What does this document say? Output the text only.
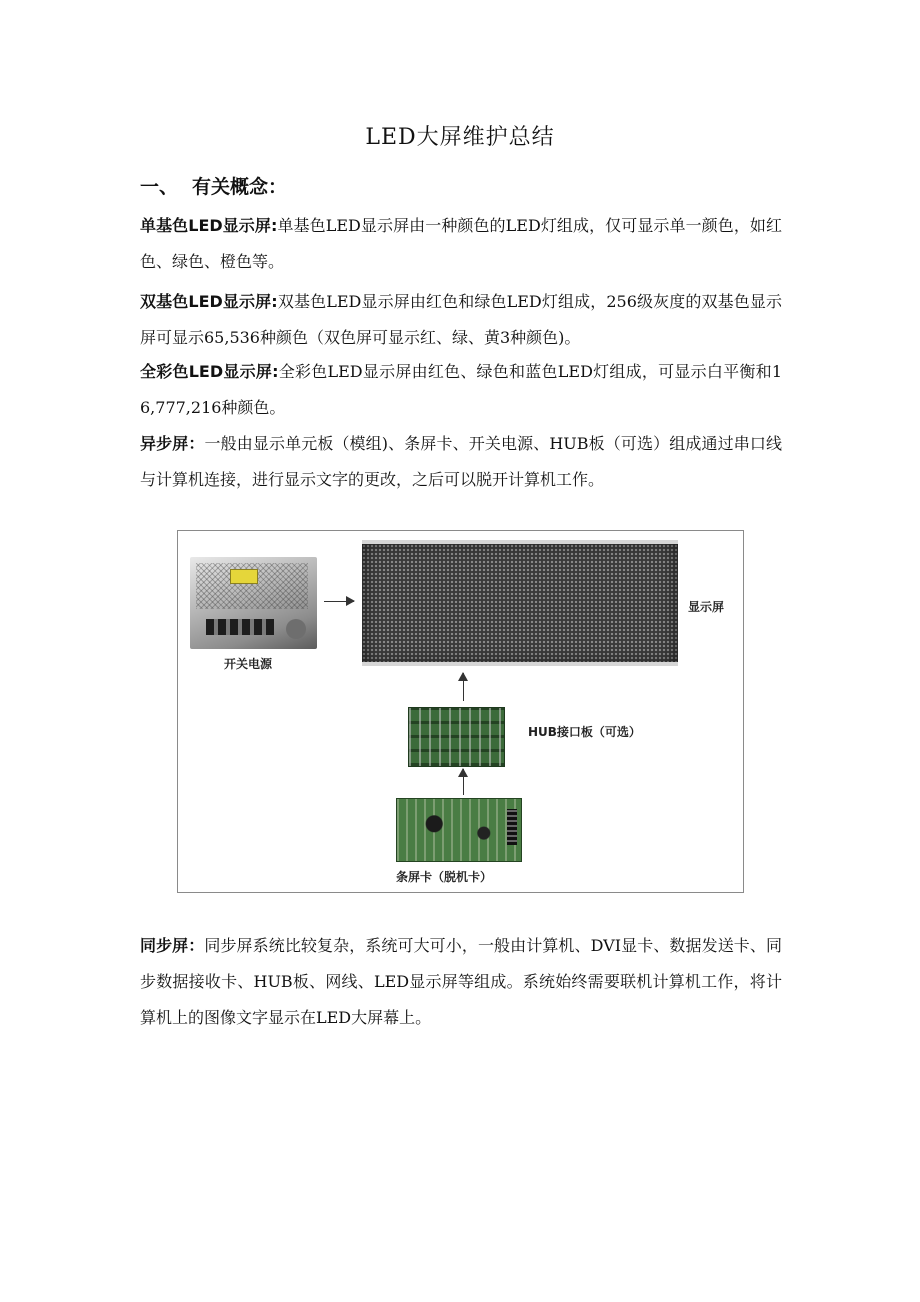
LED大屏维护总结
一、 有关概念：
单基色LED显示屏:单基色LED显示屏由一种颜色的LED灯组成，仅可显示单一颜色，如红色、绿色、橙色等。
双基色LED显示屏:双基色LED显示屏由红色和绿色LED灯组成，256级灰度的双基色显示屏可显示65,536种颜色（双色屏可显示红、绿、黄3种颜色)。
全彩色LED显示屏:全彩色LED显示屏由红色、绿色和蓝色LED灯组成，可显示白平衡和16,777,216种颜色。
异步屏：一般由显示单元板（模组)、条屏卡、开关电源、HUB板（可选）组成通过串口线与计算机连接，进行显示文字的更改，之后可以脱开计算机工作。
开关电源
显示屏
HUB接口板（可选）
条屏卡（脱机卡）
同步屏：同步屏系统比较复杂，系统可大可小，一般由计算机、DVI显卡、数据发送卡、同步数据接收卡、HUB板、网线、LED显示屏等组成。系统始终需要联机计算机工作，将计算机上的图像文字显示在LED大屏幕上。
